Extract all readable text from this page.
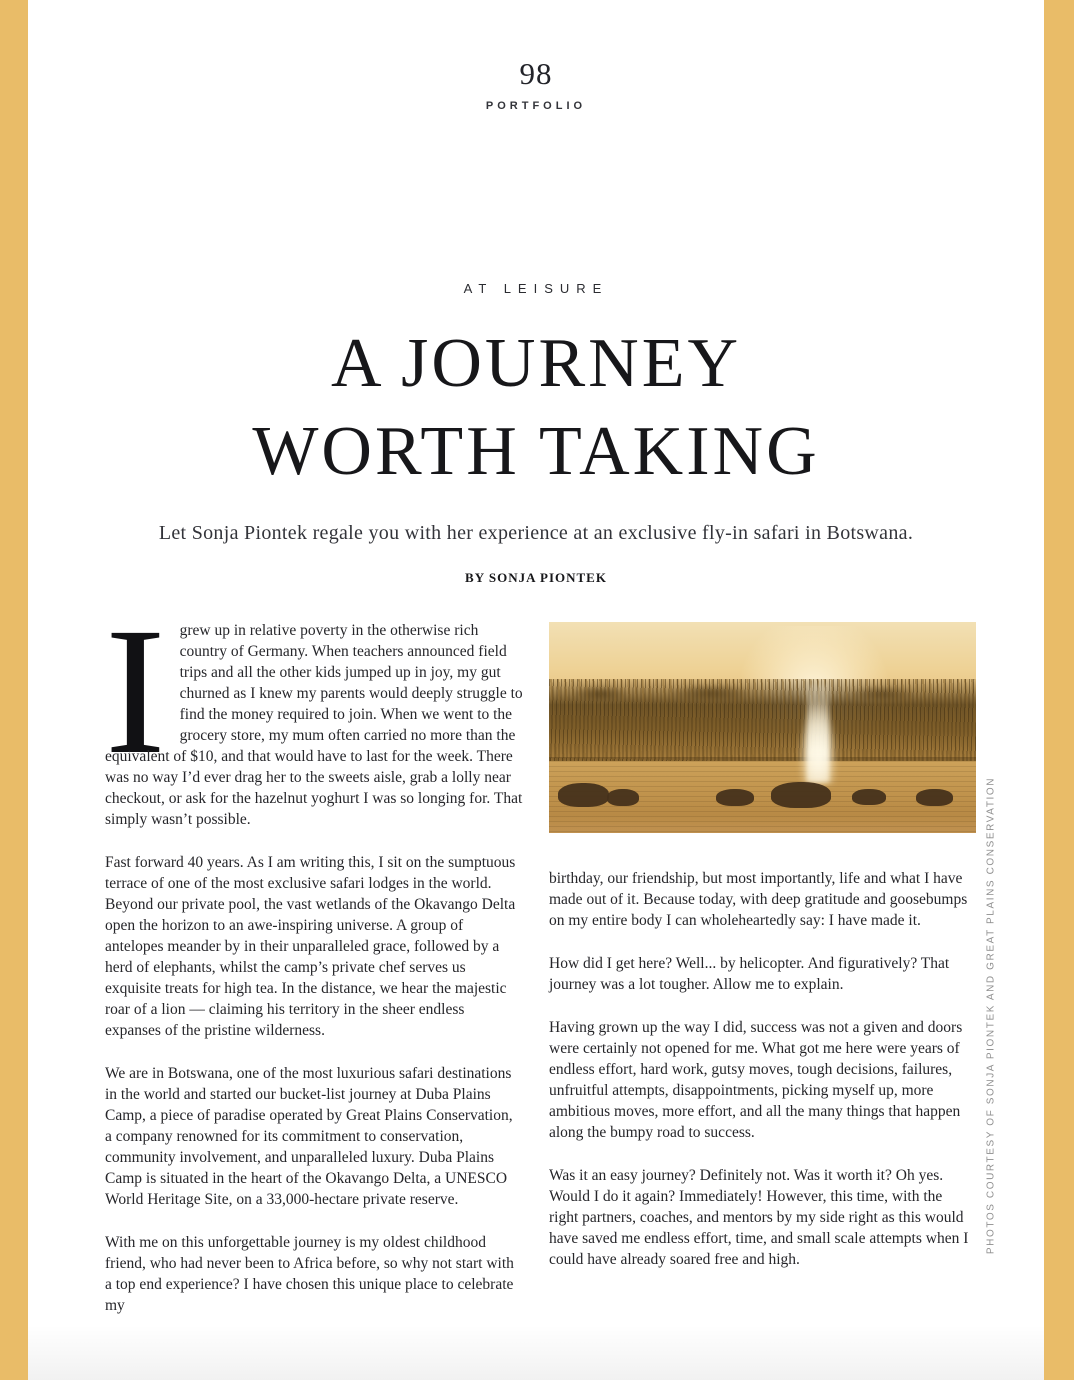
98
PORTFOLIO
AT LEISURE
A JOURNEY
WORTH TAKING

Let Sonja Piontek regale you with her experience at an exclusive fly-in safari in Botswana.

BY SONJA PIONTEK

Igrew up in relative poverty in the otherwise rich country of Germany. When teachers announced field trips and all the other kids jumped up in joy, my gut churned as I knew my parents would deeply struggle to find the money required to join. When we went to the grocery store, my mum often carried no more than the equivalent of $10, and that would have to last for the week. There was no way I’d ever drag her to the sweets aisle, grab a lolly near checkout, or ask for the hazelnut yoghurt I was so longing for. That simply wasn’t possible.

Fast forward 40 years. As I am writing this, I sit on the sumptuous terrace of one of the most exclusive safari lodges in the world. Beyond our private pool, the vast wetlands of the Okavango Delta open the horizon to an awe-inspiring universe. A group of antelopes meander by in their unparalleled grace, followed by a herd of elephants, whilst the camp’s private chef serves us exquisite treats for high tea. In the distance, we hear the majestic roar of a lion — claiming his territory in the sheer endless expanses of the pristine wilderness.

We are in Botswana, one of the most luxurious safari destinations in the world and started our bucket-list journey at Duba Plains Camp, a piece of paradise operated by Great Plains Conservation, a company renowned for its commitment to conservation, community involvement, and unparalleled luxury. Duba Plains Camp is situated in the heart of the Okavango Delta, a UNESCO World Heritage Site, on a 33,000-hectare private reserve.

With me on this unforgettable journey is my oldest childhood friend, who had never been to Africa before, so why not start with a top end experience? I have chosen this unique place to celebrate my

birthday, our friendship, but most importantly, life and what I have made out of it. Because today, with deep gratitude and goosebumps on my entire body I can wholeheartedly say: I have made it.

How did I get here? Well... by helicopter. And figuratively? That journey was a lot tougher. Allow me to explain.

Having grown up the way I did, success was not a given and doors were certainly not opened for me. What got me here were years of endless effort, hard work, gutsy moves, tough decisions, failures, unfruitful attempts, disappointments, picking myself up, more ambitious moves, more effort, and all the many things that happen along the bumpy road to success.

Was it an easy journey? Definitely not. Was it worth it? Oh yes. Would I do it again? Immediately! However, this time, with the right partners, coaches, and mentors by my side right as this would have saved me endless effort, time, and small scale attempts when I could have already soared free and high.

PHOTOS COURTESY OF SONJA PIONTEK AND GREAT PLAINS CONSERVATION
